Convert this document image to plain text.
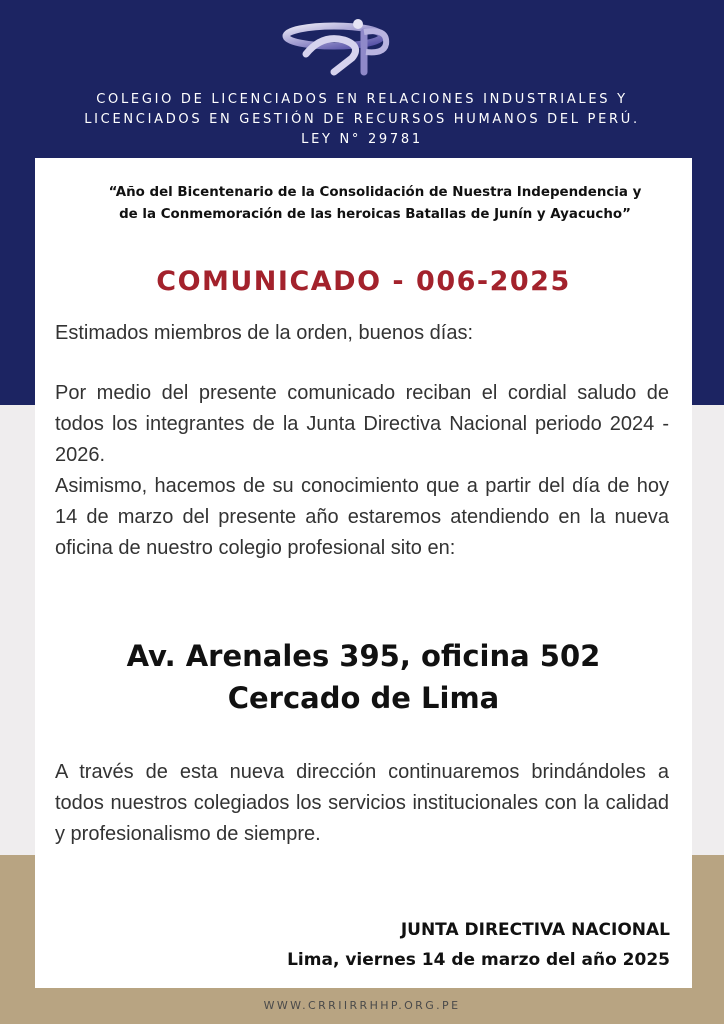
COLEGIO DE LICENCIADOS EN RELACIONES INDUSTRIALES Y
LICENCIADOS EN GESTIÓN DE RECURSOS HUMANOS DEL PERÚ.
LEY N° 29781
“Año del Bicentenario de la Consolidación de Nuestra Independencia y
de la Conmemoración de las heroicas Batallas de Junín y Ayacucho”
COMUNICADO - 006-2025
Estimados miembros de la orden, buenos días:
Por medio del presente comunicado reciban el cordial saludo de todos los integrantes de la Junta Directiva Nacional periodo 2024 - 2026.
Asimismo, hacemos de su conocimiento que a partir del día de hoy 14 de marzo del presente año estaremos atendiendo en la nueva oficina de nuestro colegio profesional sito en:
Av. Arenales 395, oficina 502
Cercado de Lima
A través de esta nueva dirección continuaremos brindándoles a todos nuestros colegiados los servicios institucionales con la calidad y profesionalismo de siempre.
JUNTA DIRECTIVA NACIONAL
Lima, viernes 14 de marzo del año 2025
WWW.CRRIIRRHHP.ORG.PE
